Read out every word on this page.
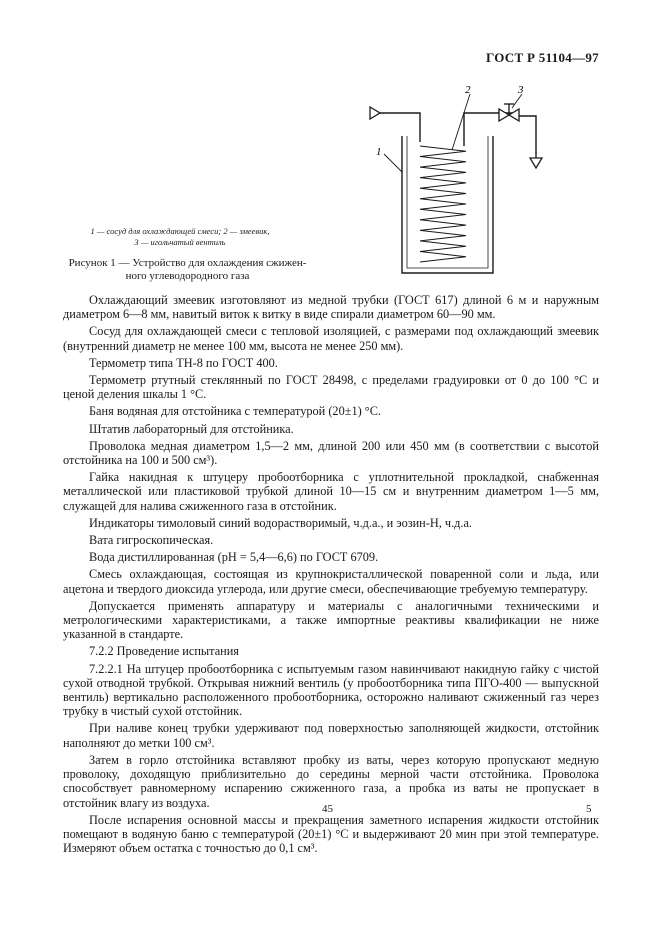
ГОСТ Р 51104—97
1
2	3
1 — сосуд для охлаждающей смеси; 2 — змеевик,
3 — игольчатый вентиль
Рисунок 1 — Устройство для охлаждения сжижен-
ного углеводородного газа

Охлаждающий змеевик изготовляют из медной трубки (ГОСТ 617) длиной 6 м и наружным диаметром 6—8 мм, навитый виток к витку в виде спирали диаметром 60—90 мм.

Сосуд для охлаждающей смеси с тепловой изоляцией, с размерами под охлаждающий змеевик (внутренний диаметр не менее 100 мм, высота не менее 250 мм).

Термометр типа ТН-8 по ГОСТ 400.

Термометр ртутный стеклянный по ГОСТ 28498, с пределами градуировки от 0 до 100 °С и ценой деления шкалы 1 °С.

Баня водяная для отстойника с температурой (20±1) °С.

Штатив лабораторный для отстойника.

Проволока медная диаметром 1,5—2 мм, длиной 200 или 450 мм (в соответствии с высотой отстойника на 100 и 500 см³).

Гайка накидная к штуцеру пробоотборника с уплотнительной прокладкой, снабженная металлической или пластиковой трубкой длиной 10—15 см и внутренним диаметром 1—5 мм, служащей для налива сжиженного газа в отстойник.

Индикаторы тимоловый синий водорастворимый, ч.д.а., и эозин-Н, ч.д.а.

Вата гигроскопическая.

Вода дистиллированная (рН = 5,4—6,6) по ГОСТ 6709.

Смесь охлаждающая, состоящая из крупнокристаллической поваренной соли и льда, или ацетона и твердого диоксида углерода, или другие смеси, обеспечивающие требуемую температуру.

Допускается применять аппаратуру и материалы с аналогичными техническими и метрологическими характеристиками, а также импортные реактивы квалификации не ниже указанной в стандарте.

7.2.2 Проведение испытания

7.2.2.1 На штуцер пробоотборника с испытуемым газом навинчивают накидную гайку с чистой сухой отводной трубкой. Открывая нижний вентиль (у пробоотборника типа ПГО-400 — выпускной вентиль) вертикально расположенного пробоотборника, осторожно наливают сжиженный газ через трубку в чистый сухой отстойник.

При наливе конец трубки удерживают под поверхностью заполняющей жидкости, отстойник наполняют до метки 100 см³.

Затем в горло отстойника вставляют пробку из ваты, через которую пропускают медную проволоку, доходящую приблизительно до середины мерной части отстойника. Проволока способствует равномерному испарению сжиженного газа, а пробка из ваты не пропускает в отстойник влагу из воздуха.

После испарения основной массы и прекращения заметного испарения жидкости отстойник помещают в водяную баню с температурой (20±1) °С и выдерживают 20 мин при этой температуре. Измеряют объем остатка с точностью до 0,1 см³.

45	5
